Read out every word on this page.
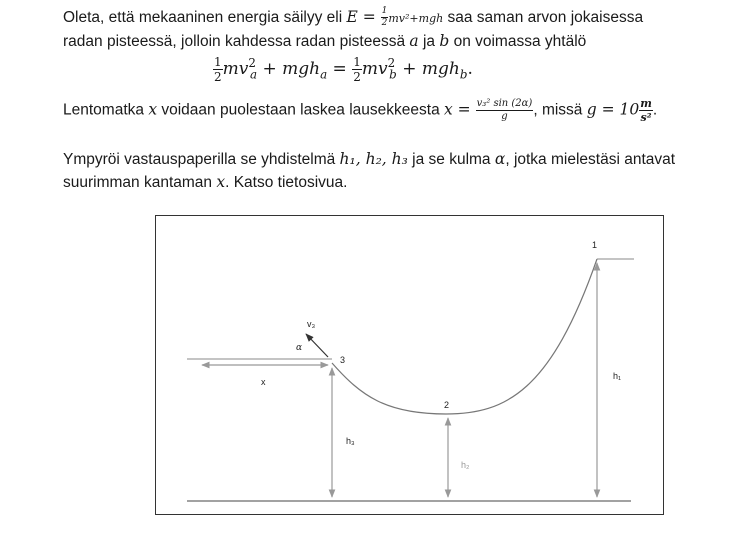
Oleta, että mekaaninen energia säilyy eli $E = \frac{1}{2} mv^2+mgh$ saa saman arvon jokaisessa
radan pisteessä, jolloin kahdessa radan pisteessä a ja b on voimassa yhtälö
$\frac{1}{2} mv^2_a + mgh_a = \frac{1}{2} mv^2_b + mgh_b$.
Lentomatka x voidaan puolestaan laskea lausekkeesta $x = \frac{\text{v₃² sin (2α)}}{g}$ , missä $g = 10 \frac{m}{\text{s²}}$ .
Ympyröi vastauspaperilla se yhdistelmä h₁, h₂, h₃ ja se kulma α, jotka mielestäsi antavat
suurimman kantaman x. Katso tietosivua.
1
2
3
h₁
h₂
h₃
x
α
v₃
